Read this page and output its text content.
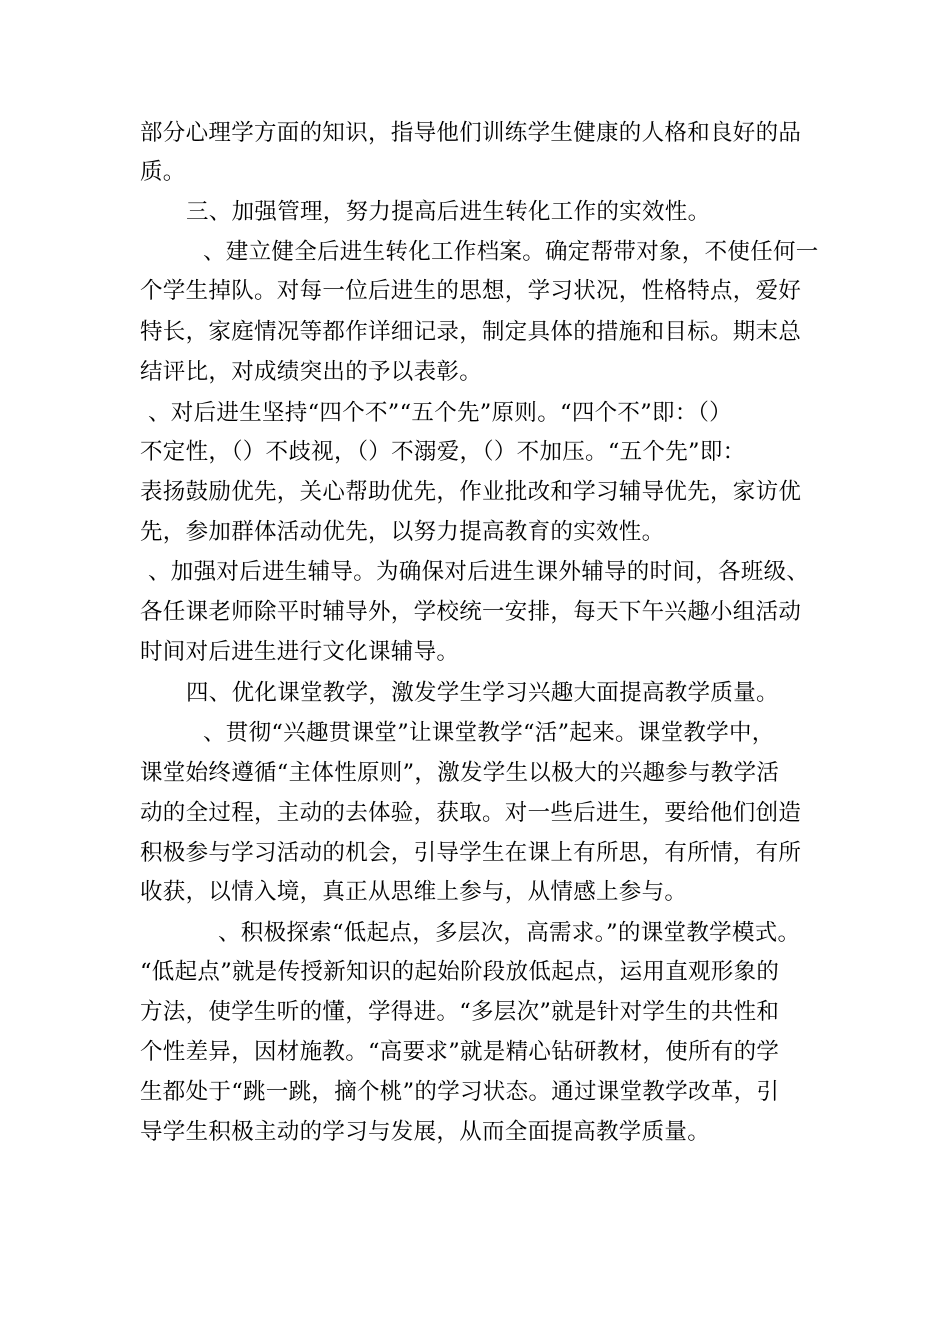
部分心理学方面的知识，指导他们训练学生健康的人格和良好的品
质。
三、加强管理，努力提高后进生转化工作的实效性。
、建立健全后进生转化工作档案。确定帮带对象，不使任何一
个学生掉队。对每一位后进生的思想，学习状况，性格特点，爱好
特长，家庭情况等都作详细记录，制定具体的措施和目标。期末总
结评比，对成绩突出的予以表彰。
、对后进生坚持“四个不”“五个先”原则。“四个不”即：（）
不定性，（）不歧视，（）不溺爱，（）不加压。“五个先”即：
表扬鼓励优先，关心帮助优先，作业批改和学习辅导优先，家访优
先，参加群体活动优先，以努力提高教育的实效性。
、加强对后进生辅导。为确保对后进生课外辅导的时间，各班级、
各任课老师除平时辅导外，学校统一安排，每天下午兴趣小组活动
时间对后进生进行文化课辅导。
四、优化课堂教学，激发学生学习兴趣大面提高教学质量。
、贯彻“兴趣贯课堂”让课堂教学“活”起来。课堂教学中，
课堂始终遵循“主体性原则”，激发学生以极大的兴趣参与教学活
动的全过程，主动的去体验，获取。对一些后进生，要给他们创造
积极参与学习活动的机会，引导学生在课上有所思，有所情，有所
收获，以情入境，真正从思维上参与，从情感上参与。
、积极探索“低起点，多层次，高需求。”的课堂教学模式。
“低起点”就是传授新知识的起始阶段放低起点，运用直观形象的
方法，使学生听的懂，学得进。“多层次”就是针对学生的共性和
个性差异，因材施教。“高要求”就是精心钻研教材，使所有的学
生都处于“跳一跳，摘个桃”的学习状态。通过课堂教学改革，引
导学生积极主动的学习与发展，从而全面提高教学质量。
